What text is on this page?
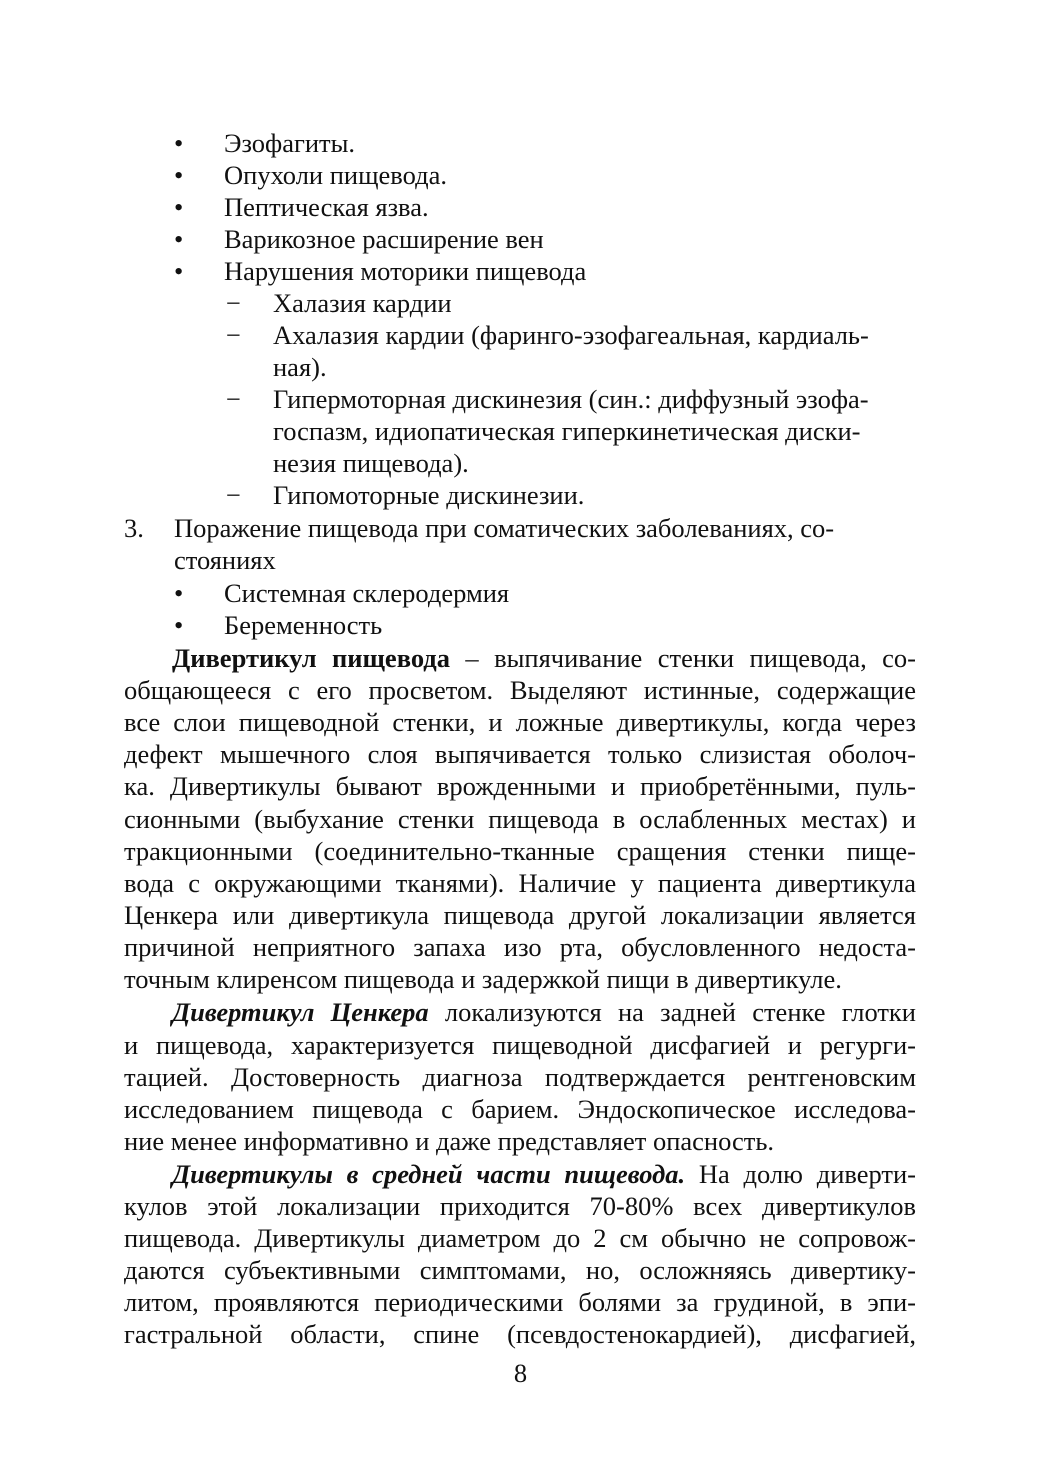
• Эзофагиты.
• Опухоли пищевода.
• Пептическая язва.
• Варикозное расширение вен
• Нарушения моторики пищевода
− Халазия кардии
− Ахалазия кардии (фаринго-эзофагеальная, кардиаль-
ная).
− Гипермоторная дискинезия (син.: диффузный эзофа-
госпазм, идиопатическая гиперкинетическая диски-
незия пищевода).
− Гипомоторные дискинезии.
3. Поражение пищевода при соматических заболеваниях, со-
стояниях
• Системная склеродермия
• Беременность
Дивертикул пищевода – выпячивание стенки пищевода, со-
общающееся с его просветом. Выделяют истинные, содержащие
все слои пищеводной стенки, и ложные дивертикулы, когда через
дефект мышечного слоя выпячивается только слизистая оболоч-
ка. Дивертикулы бывают врожденными и приобретёнными, пуль-
сионными (выбухание стенки пищевода в ослабленных местах) и
тракционными (соединительно-тканные сращения стенки пище-
вода с окружающими тканями). Наличие у пациента дивертикула
Ценкера или дивертикула пищевода другой локализации является
причиной неприятного запаха изо рта, обусловленного недоста-
точным клиренсом пищевода и задержкой пищи в дивертикуле.
Дивертикул Ценкера локализуются на задней стенке глотки
и пищевода, характеризуется пищеводной дисфагией и регурги-
тацией. Достоверность диагноза подтверждается рентгеновским
исследованием пищевода с барием. Эндоскопическое исследова-
ние менее информативно и даже представляет опасность.
Дивертикулы в средней части пищевода. На долю диверти-
кулов этой локализации приходится 70-80% всех дивертикулов
пищевода. Дивертикулы диаметром до 2 см обычно не сопровож-
даются субъективными симптомами, но, осложняясь дивертику-
литом, проявляются периодическими болями за грудиной, в эпи-
гастральной области, спине (псевдостенокардией), дисфагией,
8
